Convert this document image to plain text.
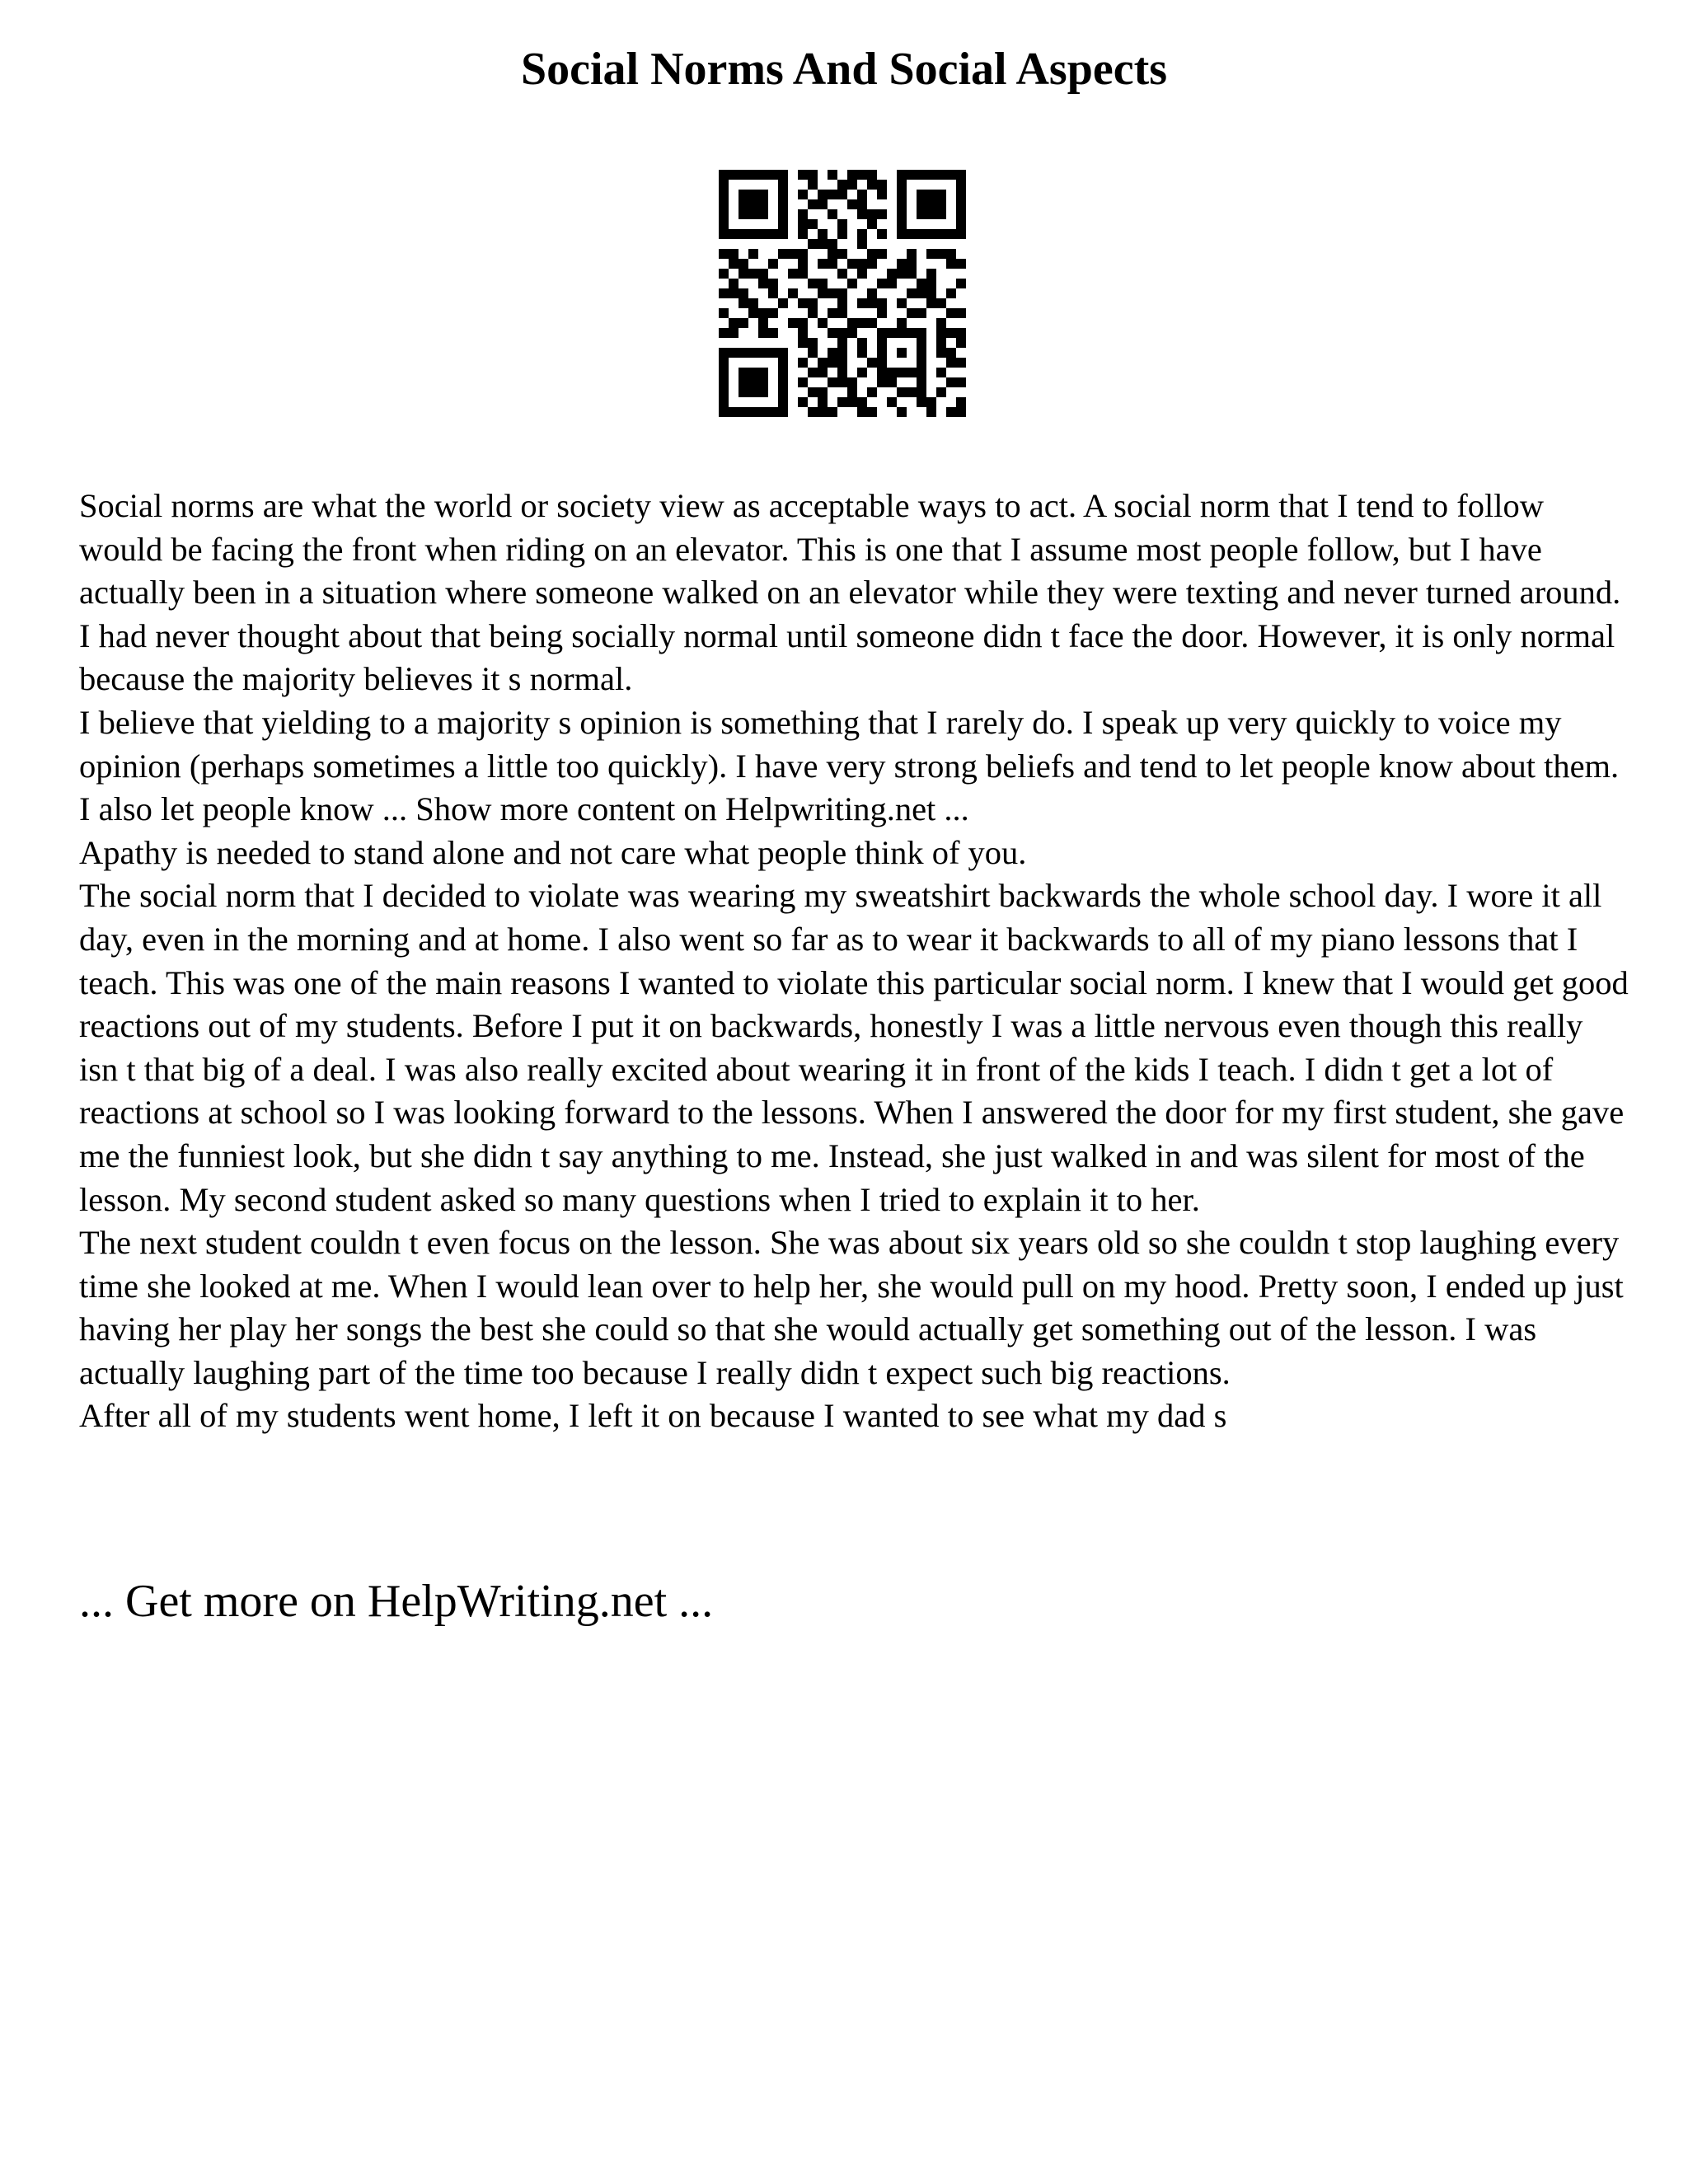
Social Norms And Social Aspects

Social norms are what the world or society view as acceptable ways to act. A social norm that I tend to follow would be facing the front when riding on an elevator. This is one that I assume most people follow, but I have actually been in a situation where someone walked on an elevator while they were texting and never turned around. I had never thought about that being socially normal until someone didn t face the door. However, it is only normal because the majority believes it s normal.

I believe that yielding to a majority s opinion is something that I rarely do. I speak up very quickly to voice my opinion (perhaps sometimes a little too quickly). I have very strong beliefs and tend to let people know about them. I also let people know ... Show more content on Helpwriting.net ...

Apathy is needed to stand alone and not care what people think of you.

The social norm that I decided to violate was wearing my sweatshirt backwards the whole school day. I wore it all day, even in the morning and at home. I also went so far as to wear it backwards to all of my piano lessons that I teach. This was one of the main reasons I wanted to violate this particular social norm. I knew that I would get good reactions out of my students. Before I put it on backwards, honestly I was a little nervous even though this really isn t that big of a deal. I was also really excited about wearing it in front of the kids I teach. I didn t get a lot of reactions at school so I was looking forward to the lessons. When I answered the door for my first student, she gave me the funniest look, but she didn t say anything to me. Instead, she just walked in and was silent for most of the lesson. My second student asked so many questions when I tried to explain it to her.

The next student couldn t even focus on the lesson. She was about six years old so she couldn t stop laughing every time she looked at me. When I would lean over to help her, she would pull on my hood. Pretty soon, I ended up just having her play her songs the best she could so that she would actually get something out of the lesson. I was actually laughing part of the time too because I really didn t expect such big reactions.

After all of my students went home, I left it on because I wanted to see what my dad s

... Get more on HelpWriting.net ...
